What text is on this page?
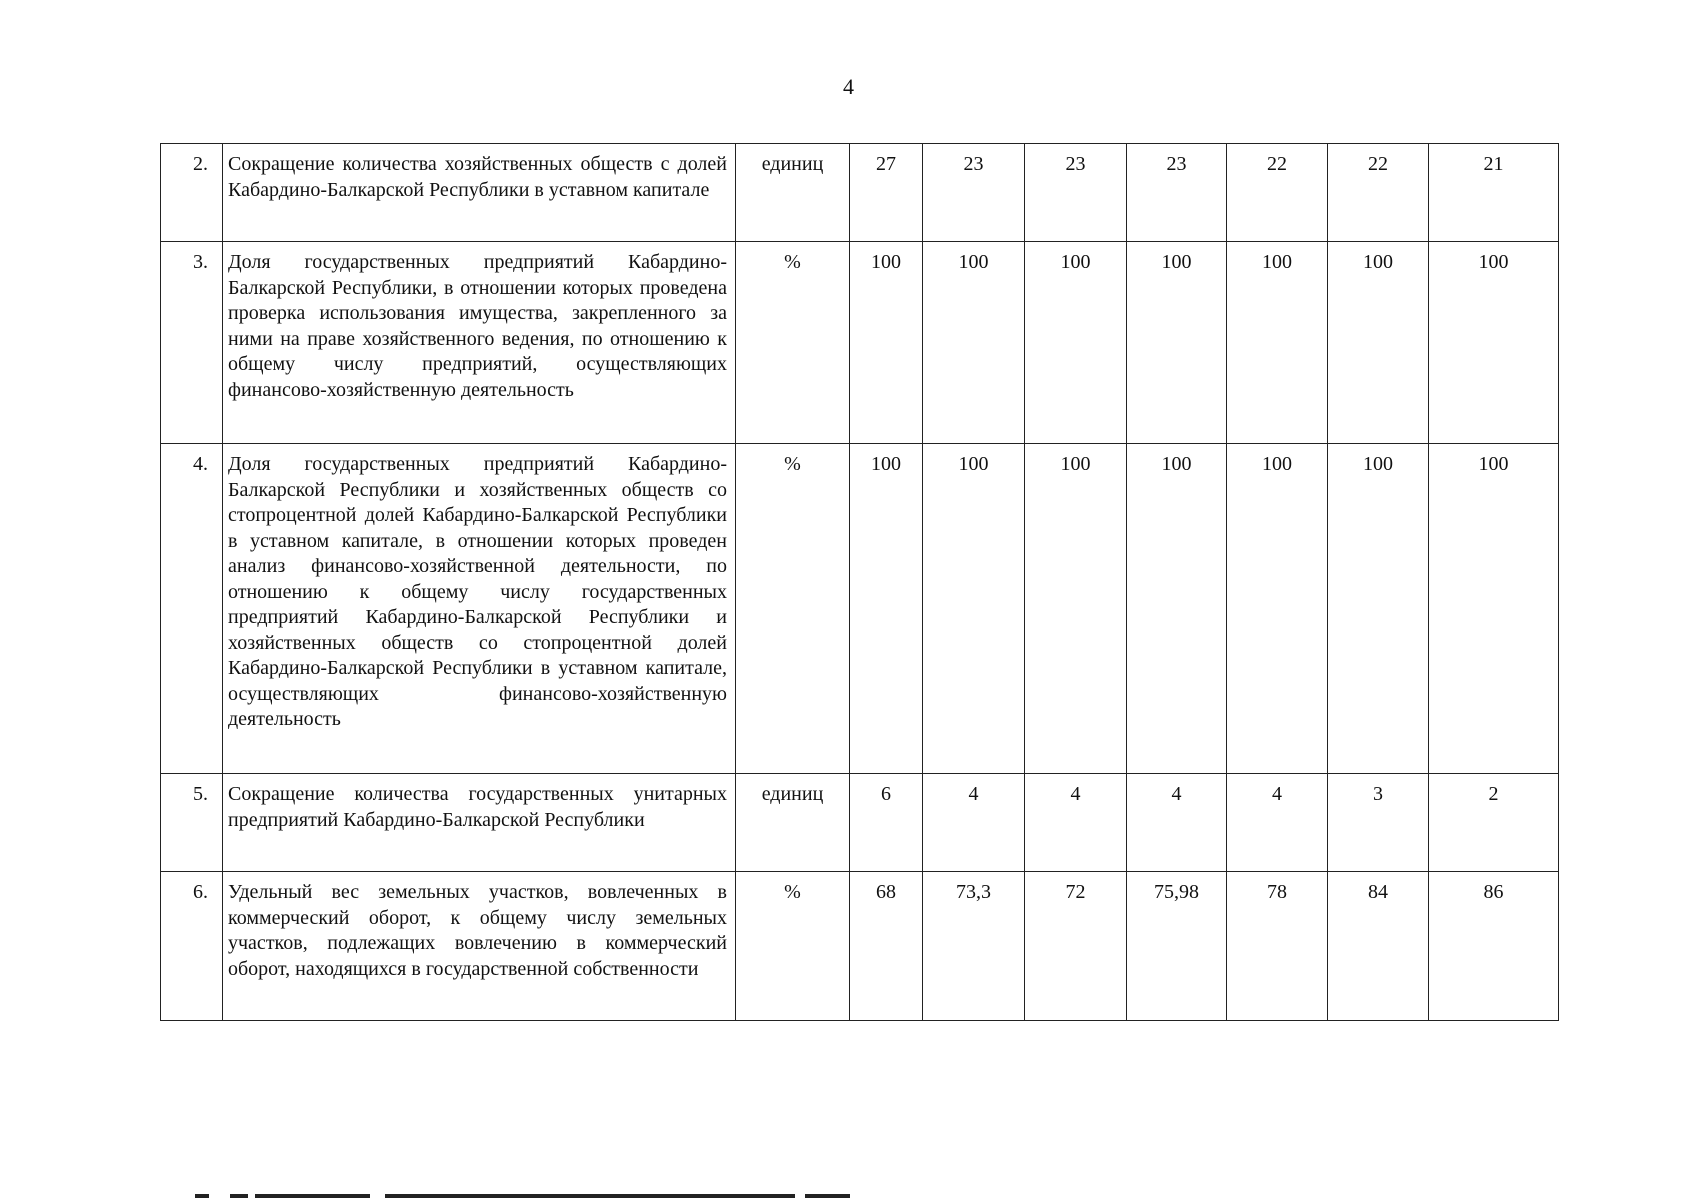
4
2.	Сокращение количества хозяйственных обществ с долей Кабардино-Балкарской Республики в уставном капитале	единиц	27	23	23	23	22	22	21
3.	Доля государственных предприятий Кабардино-Балкарской Республики, в отношении которых проведена проверка использования имущества, закрепленного за ними на праве хозяйственного ведения, по отношению к общему числу предприятий, осуществляющих финансово-хозяйственную деятельность	%	100	100	100	100	100	100	100
4.	Доля государственных предприятий Кабардино-Балкарской Республики и хозяйственных обществ со стопроцентной долей Кабардино-Балкарской Республики в уставном капитале, в отношении которых проведен анализ финансово-хозяйственной деятельности, по отношению к общему числу государственных предприятий Кабардино-Балкарской Республики и хозяйственных обществ со стопроцентной долей Кабардино-Балкарской Республики в уставном капитале, осуществляющих финансово-хозяйственную деятельность	%	100	100	100	100	100	100	100
5.	Сокращение количества государственных унитарных предприятий Кабардино-Балкарской Республики	единиц	6	4	4	4	4	3	2
6.	Удельный вес земельных участков, вовлеченных в коммерческий оборот, к общему числу земельных участков, подлежащих вовлечению в коммерческий оборот, находящихся в государственной собственности	%	68	73,3	72	75,98	78	84	86
